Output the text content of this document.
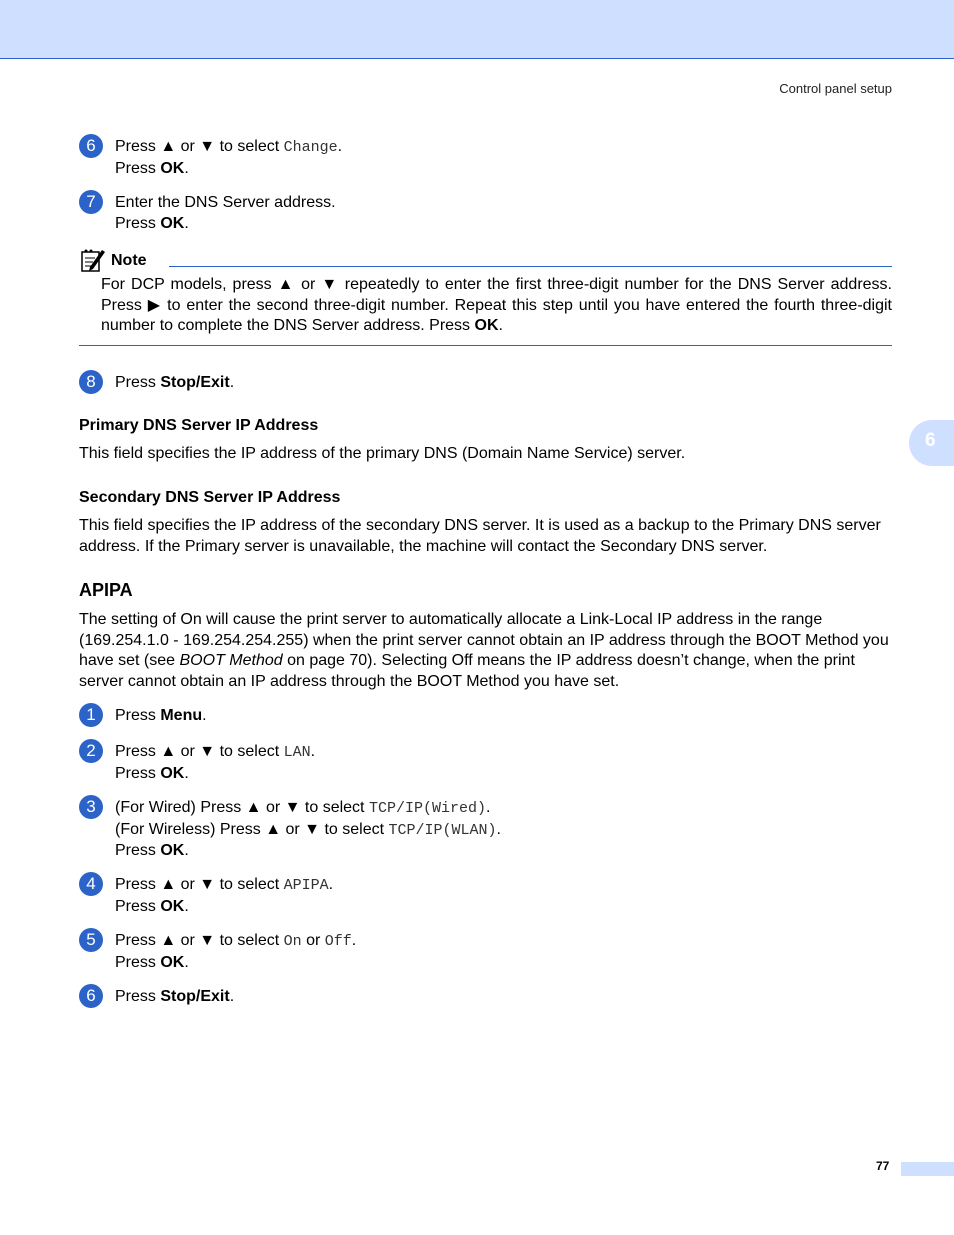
Control panel setup
6
6	Press ▲ or ▼ to select Change.
Press OK.
7	Enter the DNS Server address.
Press OK.
Note
For DCP models, press ▲ or ▼ repeatedly to enter the first three-digit number for the DNS Server address. Press ▶ to enter the second three-digit number. Repeat this step until you have entered the fourth three-digit number to complete the DNS Server address. Press OK.
8	Press Stop/Exit.
Primary DNS Server IP Address
This field specifies the IP address of the primary DNS (Domain Name Service) server.
Secondary DNS Server IP Address
This field specifies the IP address of the secondary DNS server. It is used as a backup to the Primary DNS server address. If the Primary server is unavailable, the machine will contact the Secondary DNS server.
APIPA
The setting of On will cause the print server to automatically allocate a Link-Local IP address in the range (169.254.1.0 - 169.254.254.255) when the print server cannot obtain an IP address through the BOOT Method you have set (see BOOT Method on page 70). Selecting Off means the IP address doesn’t change, when the print server cannot obtain an IP address through the BOOT Method you have set.
1	Press Menu.
2	Press ▲ or ▼ to select LAN.
Press OK.
3	(For Wired) Press ▲ or ▼ to select TCP/IP(Wired).
(For Wireless) Press ▲ or ▼ to select TCP/IP(WLAN).
Press OK.
4	Press ▲ or ▼ to select APIPA.
Press OK.
5	Press ▲ or ▼ to select On or Off.
Press OK.
6	Press Stop/Exit.
77
